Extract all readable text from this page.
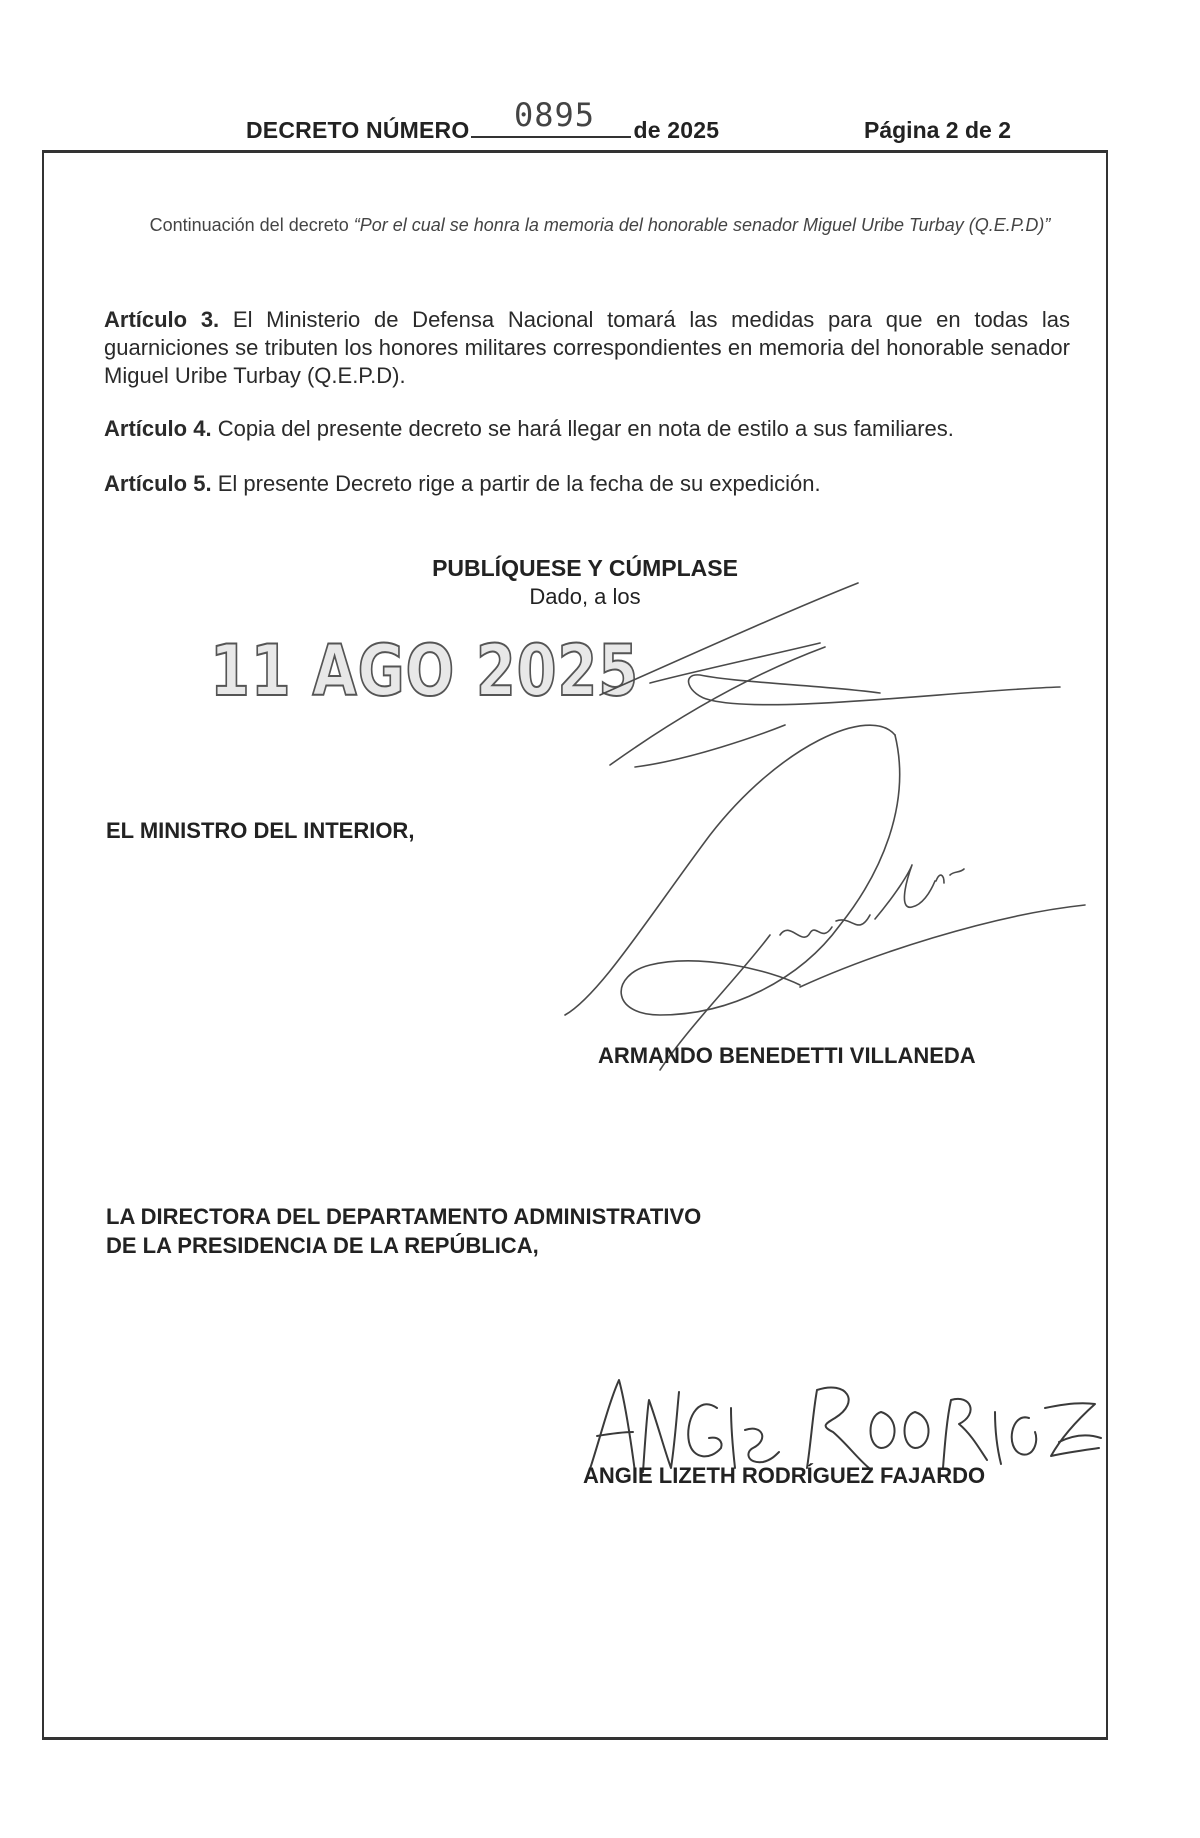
DECRETO NÚMERO	de 2025
0895	Página 2 de 2
Continuación del decreto “Por el cual se honra la memoria del honorable senador Miguel Uribe Turbay (Q.E.P.D)”
Artículo 3. El Ministerio de Defensa Nacional tomará las medidas para que en todas las guarniciones se tributen los honores militares correspondientes en memoria del honorable senador Miguel Uribe Turbay (Q.E.P.D).
Artículo 4. Copia del presente decreto se hará llegar en nota de estilo a sus familiares.
Artículo 5. El presente Decreto rige a partir de la fecha de su expedición.
PUBLÍQUESE Y CÚMPLASE
Dado, a los
11 AGO 2025
EL MINISTRO DEL INTERIOR,
ARMANDO BENEDETTI VILLANEDA
LA DIRECTORA DEL DEPARTAMENTO ADMINISTRATIVO
DE LA PRESIDENCIA DE LA REPÚBLICA,
ANGIE LIZETH RODRÍGUEZ FAJARDO
